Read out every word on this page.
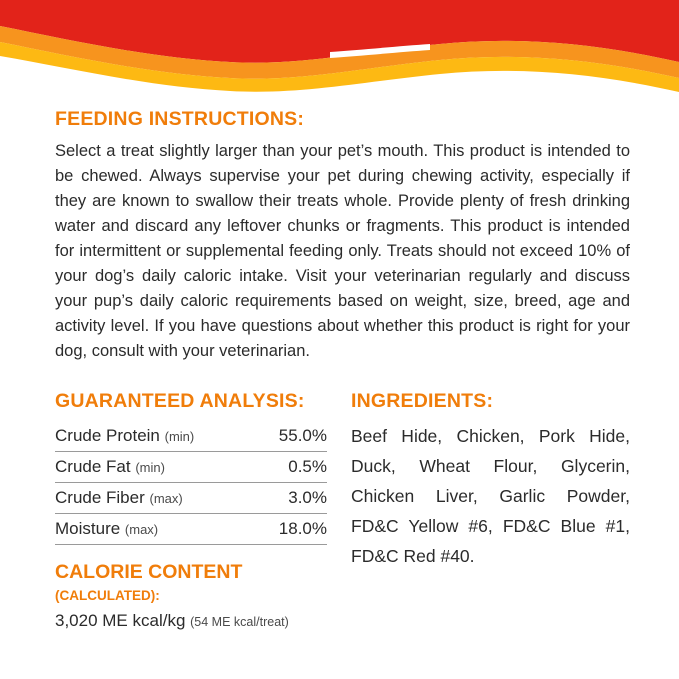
FEEDING INSTRUCTIONS:

Select a treat slightly larger than your pet’s mouth. This product is intended to be chewed. Always supervise your pet during chewing activity, especially if they are known to swallow their treats whole. Provide plenty of fresh drinking water and discard any leftover chunks or fragments. This product is intended for intermittent or supplemental feeding only. Treats should not exceed 10% of your dog’s daily caloric intake. Visit your veterinarian regularly and discuss your pup’s daily caloric requirements based on weight, size, breed, age and activity level. If you have questions about whether this product is right for your dog, consult with your veterinarian.

GUARANTEED ANALYSIS:
Crude Protein (min)	55.0%
Crude Fat (min)	0.5%
Crude Fiber (max)	3.0%
Moisture (max)	18.0%
CALORIE CONTENT (CALCULATED):
3,020 ME kcal/kg (54 ME kcal/treat)
INGREDIENTS:

Beef Hide, Chicken, Pork Hide, Duck, Wheat Flour, Glycerin, Chicken Liver, Garlic Powder, FD&C Yellow #6, FD&C Blue #1, FD&C Red #40.
